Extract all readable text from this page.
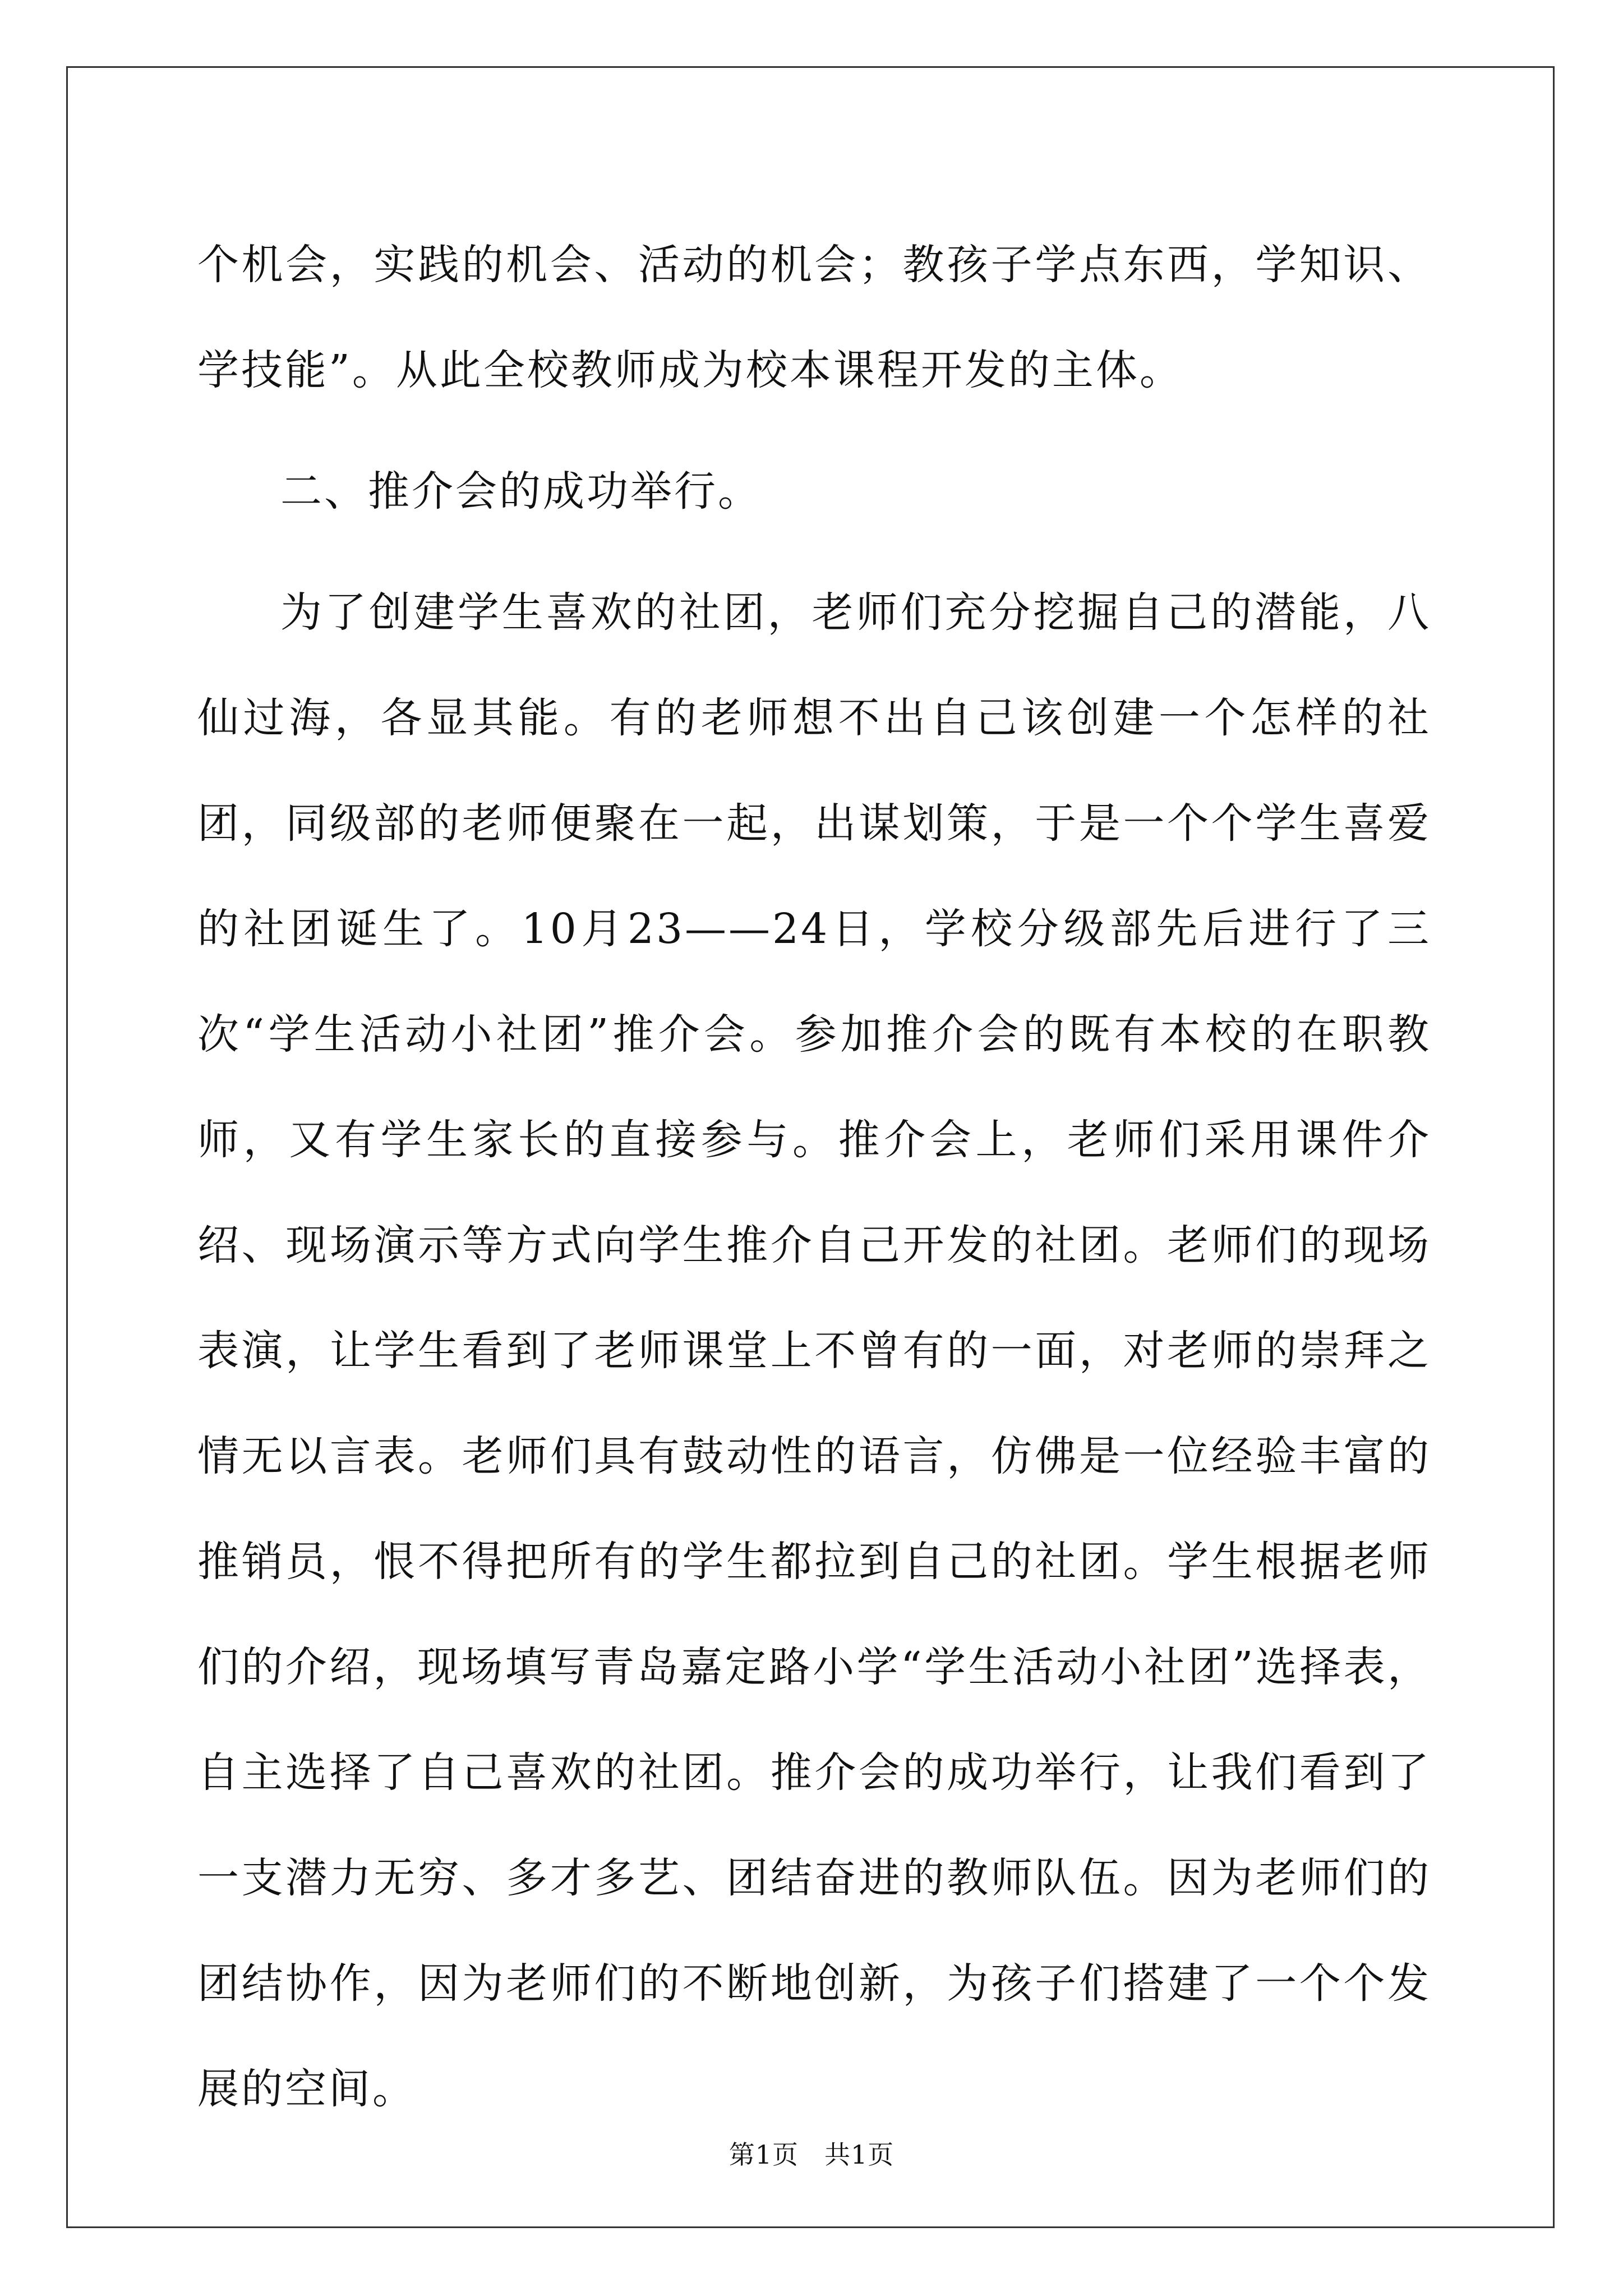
个机会，实践的机会、活动的机会；教孩子学点东西，学知识、学技能”。从此全校教师成为校本课程开发的主体。

二、推介会的成功举行。

为了创建学生喜欢的社团，老师们充分挖掘自己的潜能，八仙过海，各显其能。有的老师想不出自己该创建一个怎样的社团，同级部的老师便聚在一起，出谋划策，于是一个个学生喜爱的社团诞生了。10月23——24日，学校分级部先后进行了三次“学生活动小社团”推介会。参加推介会的既有本校的在职教师，又有学生家长的直接参与。推介会上，老师们采用课件介绍、现场演示等方式向学生推介自己开发的社团。老师们的现场表演，让学生看到了老师课堂上不曾有的一面，对老师的崇拜之情无以言表。老师们具有鼓动性的语言，仿佛是一位经验丰富的推销员，恨不得把所有的学生都拉到自己的社团。学生根据老师们的介绍，现场填写青岛嘉定路小学“学生活动小社团”选择表，自主选择了自己喜欢的社团。推介会的成功举行，让我们看到了一支潜力无穷、多才多艺、团结奋进的教师队伍。因为老师们的团结协作，因为老师们的不断地创新，为孩子们搭建了一个个发展的空间。

第1页 共1页
